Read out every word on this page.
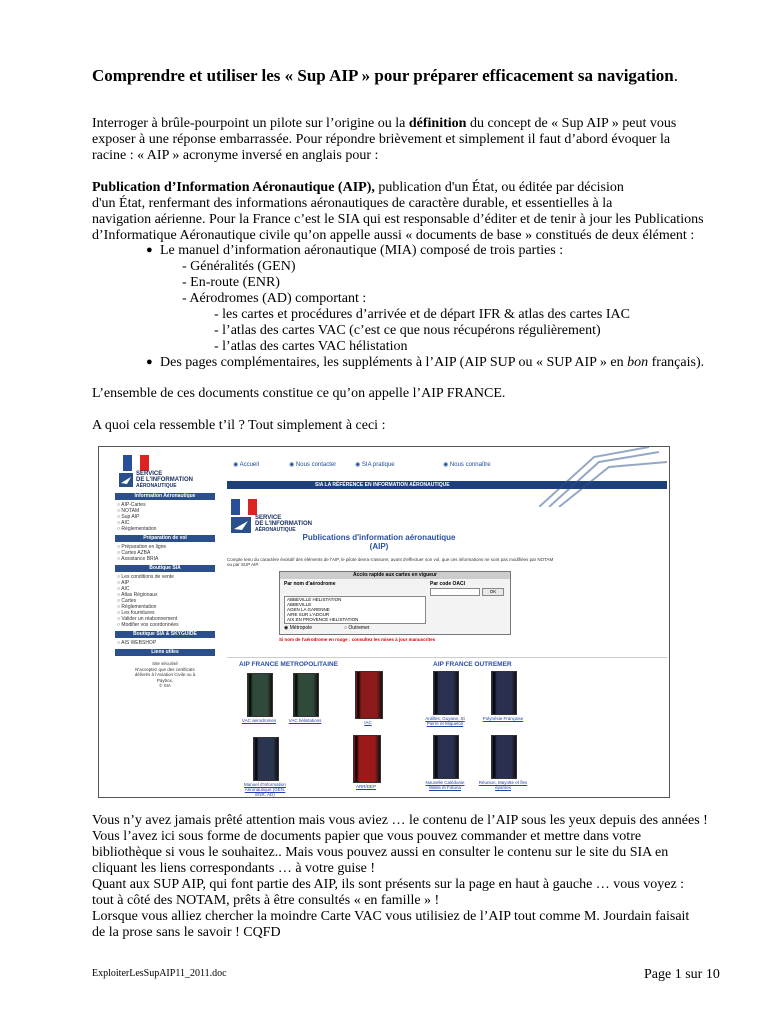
Comprendre et utiliser les « Sup AIP » pour préparer efficacement sa navigation.
Interroger à brûle-pourpoint un pilote sur l’origine ou la définition du concept de « Sup AIP » peut vous
exposer à une réponse embarrassée. Pour répondre brièvement et simplement il faut d’abord évoquer la
racine : « AIP » acronyme inversé en anglais pour :
Publication d’Information Aéronautique (AIP), publication d'un État, ou éditée par décision
d'un État, renfermant des informations aéronautiques de caractère durable, et essentielles à la
navigation aérienne. Pour la France c’est le SIA qui est responsable d’éditer et de tenir à jour les Publications
d’Informatique Aéronautique civile qu’on appelle aussi « documents de base » constitués de deux élément :
● Le manuel d’information aéronautique (MIA) composé de trois parties :
- Généralités (GEN)
- En-route (ENR)
- Aérodromes (AD) comportant :
- les cartes et procédures d’arrivée et de départ IFR & atlas des cartes IAC
- l’atlas des cartes VAC (c’est ce que nous récupérons régulièrement)
- l’atlas des cartes VAC hélistation
● Des pages complémentaires, les suppléments à l’AIP (AIP SUP ou « SUP AIP » en bon français).
L’ensemble de ces documents constitue ce qu’on appelle l’AIP FRANCE.
A quoi cela ressemble t’il ? Tout simplement à ceci :
SERVICE
DE L'INFORMATION
AÉRONAUTIQUE
◉ Accueil	◉ Nous contacter	◉ SIA pratique	◉ Nous connaître
SIA LA RÉFÉRENCE EN INFORMATION AÉRONAUTIQUE
SERVICE
DE L'INFORMATION
AÉRONAUTIQUE
Publications d'information aéronautique
(AIP)
Compte tenu du caractère évolutif des éléments de l'AIP, le pilote devra s'assurer, avant d'effectuer son vol, que ces informations ne sont pas modifiées par NOTAM ou par SUP AIP.
Accès rapide aux cartes en vigueur
Par nom d'aérodrome	Par code OACI
OK
ABBEVILLE HELISTATION
ABBEVILLE
AGEN LA GARENNE
AIRE SUR L'ADOUR
AIX EN PROVENCE HELISTATION
◉ Métropole	○ Outremer
Si nom de l'aérodrome en rouge : consultez les mises à jour manuscrites
AIP FRANCE METROPOLITAINE	AIP FRANCE OUTREMER
Information Aéronautique
○ AIP-Cartes
○ NOTAM
○ Sup AIP
○ AIC
○ Réglementation
Préparation de vol
○ Préparation en ligne
○ Cartes AZBA
○ Assistance BRIA
Boutique SIA
○ Les conditions de vente
○ AIP
○ AIC
○ Atlas Régionaux
○ Cartes
○ Réglementation
○ Les fournitures
○ Valider un réabonnement
○ Modifier vos coordonnées
Boutique SIA & SKYGUIDE
○ AIS WEBSHOP
Liens utiles
Site sécurisé
N'acceptez que des certificats
délivrés à l'Aviation Civile ou à
Paybox.
© SIA
VAC aérodromes	VAC hélistations	IAC
Antilles, Guyane, St Pierre et Miquelon
Polynésie Française
Manuel d'Information Aéronautique (GEN, ENR, AD)
ARR/DEP
Nouvelle Calédonie Wallis et Futuna
Réunion, Mayotte et îles éparses
Vous n’y avez jamais prêté attention mais vous aviez … le contenu de l’AIP sous les yeux depuis des années !
Vous l’avez ici sous forme de documents papier que vous pouvez commander et mettre dans votre
bibliothèque si vous le souhaitez.. Mais vous pouvez aussi en consulter le contenu sur le site du SIA en
cliquant les liens correspondants … à votre guise !
Quant aux SUP AIP, qui font partie des AIP, ils sont présents sur la page en haut à gauche … vous voyez :
tout à côté des NOTAM, prêts à être consultés « en famille » !
Lorsque vous alliez chercher la moindre Carte VAC vous utilisiez de l’AIP tout comme M. Jourdain faisait
de la prose sans le savoir ! CQFD
ExploiterLesSupAIP11_2011.doc	Page 1 sur 10
